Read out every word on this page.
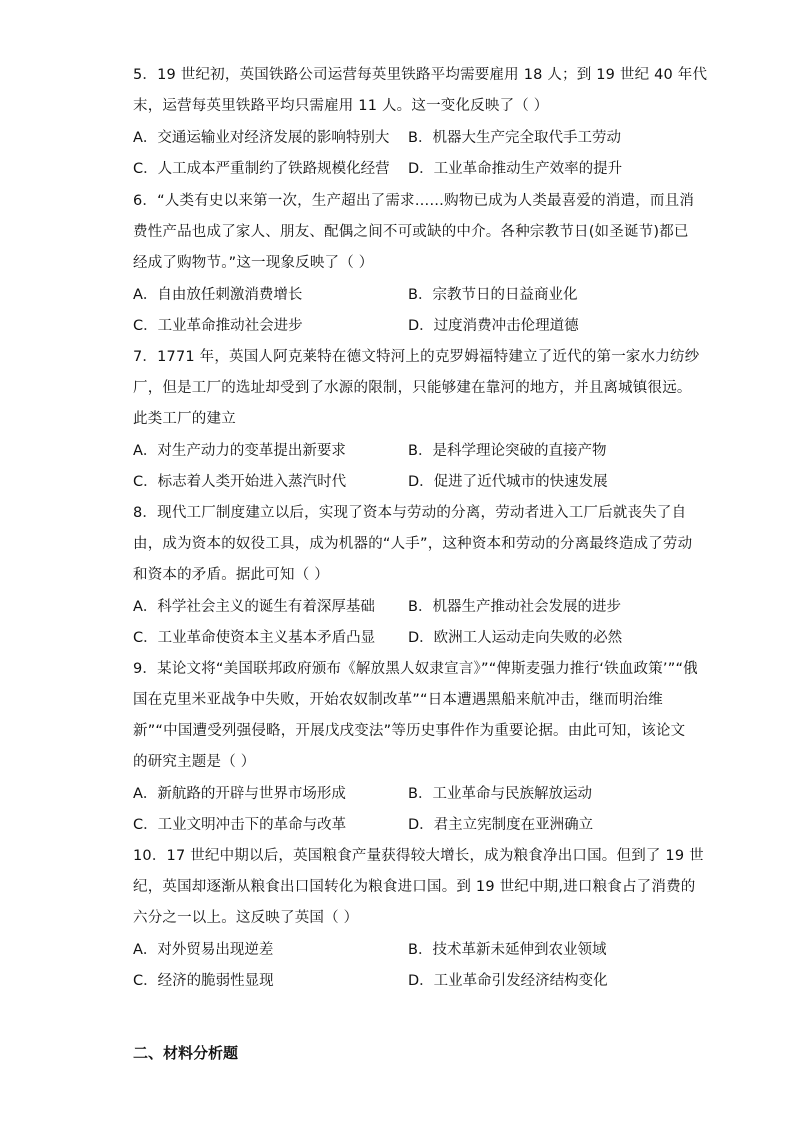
5．19 世纪初，英国铁路公司运营每英里铁路平均需要雇用 18 人；到 19 世纪 40 年代
末，运营每英里铁路平均只需雇用 11 人。这一变化反映了（ ）
A．交通运输业对经济发展的影响特别大 B．机器大生产完全取代手工劳动
C．人工成本严重制约了铁路规模化经营 D．工业革命推动生产效率的提升
6．“人类有史以来第一次，生产超出了需求……购物已成为人类最喜爱的消遣，而且消
费性产品也成了家人、朋友、配偶之间不可或缺的中介。各种宗教节日(如圣诞节)都已
经成了购物节。”这一现象反映了（ ）
A．自由放任刺激消费增长	B．宗教节日的日益商业化
C．工业革命推动社会进步	D．过度消费冲击伦理道德
7．1771 年，英国人阿克莱特在德文特河上的克罗姆福特建立了近代的第一家水力纺纱
厂，但是工厂的选址却受到了水源的限制，只能够建在靠河的地方，并且离城镇很远。
此类工厂的建立
A．对生产动力的变革提出新要求	B．是科学理论突破的直接产物
C．标志着人类开始进入蒸汽时代	D．促进了近代城市的快速发展
8．现代工厂制度建立以后，实现了资本与劳动的分离，劳动者进入工厂后就丧失了自
由，成为资本的奴役工具，成为机器的“人手”，这种资本和劳动的分离最终造成了劳动
和资本的矛盾。据此可知（ ）
A．科学社会主义的诞生有着深厚基础 B．机器生产推动社会发展的进步
C．工业革命使资本主义基本矛盾凸显 D．欧洲工人运动走向失败的必然
9．某论文将“美国联邦政府颁布《解放黑人奴隶宣言》”“俾斯麦强力推行‘铁血政策’”“俄
国在克里米亚战争中失败，开始农奴制改革”“日本遭遇黑船来航冲击，继而明治维
新”“中国遭受列强侵略，开展戊戌变法”等历史事件作为重要论据。由此可知，该论文
的研究主题是（ ）
A．新航路的开辟与世界市场形成	B．工业革命与民族解放运动
C．工业文明冲击下的革命与改革	D．君主立宪制度在亚洲确立
10．17 世纪中期以后，英国粮食产量获得较大增长，成为粮食净出口国。但到了 19 世
纪，英国却逐渐从粮食出口国转化为粮食进口国。到 19 世纪中期,进口粮食占了消费的
六分之一以上。这反映了英国（ ）
A．对外贸易出现逆差	B．技术革新未延伸到农业领域
C．经济的脆弱性显现	D．工业革命引发经济结构变化
二、材料分析题
